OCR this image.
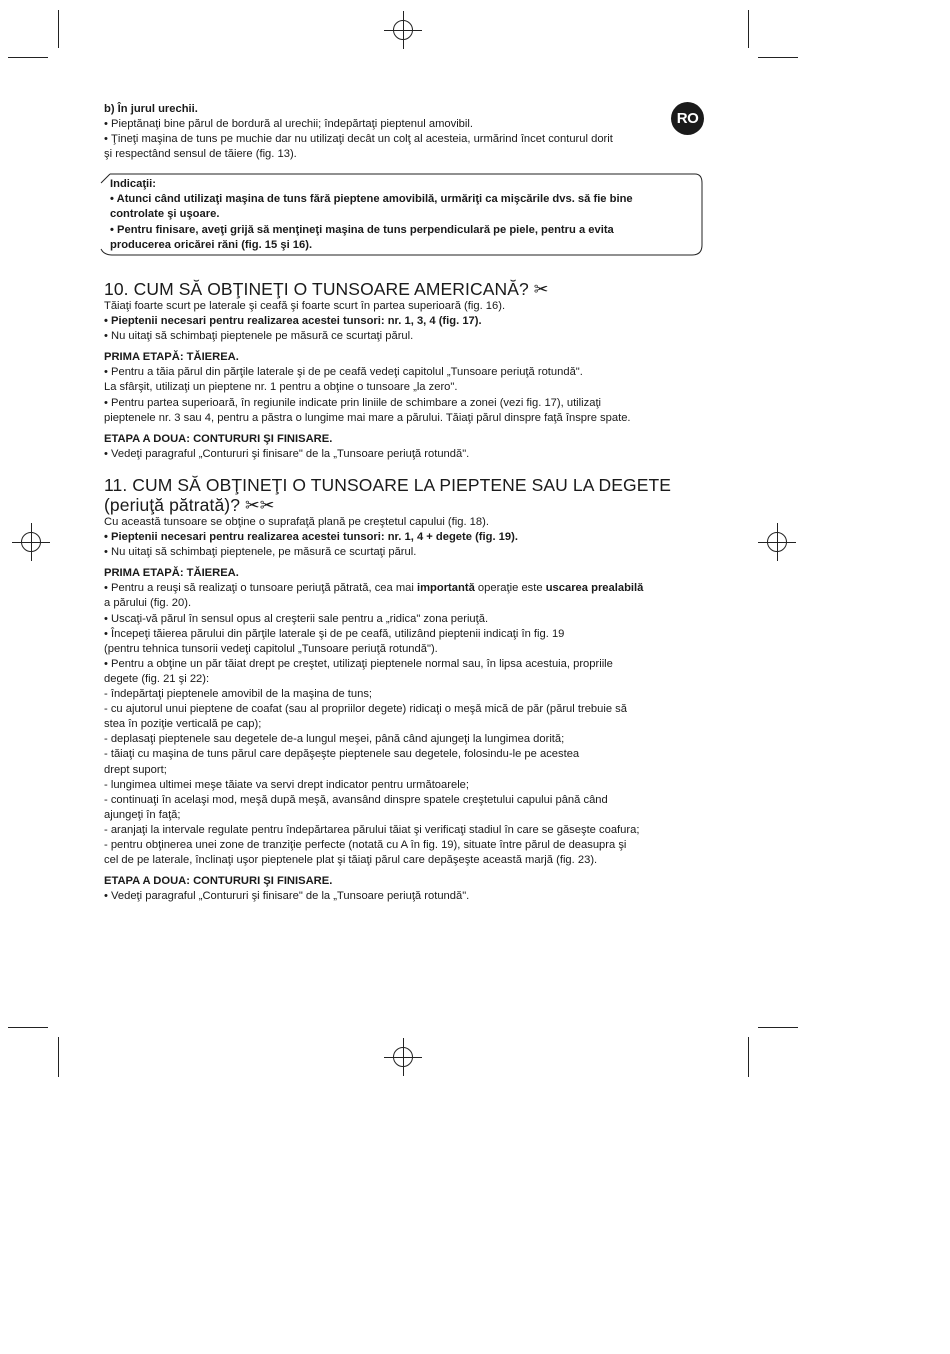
RO
b) În jurul urechii.
• Pieptănaţi bine părul de bordură al urechii; îndepărtaţi pieptenul amovibil.
• Ţineţi maşina de tuns pe muchie dar nu utilizaţi decât un colţ al acesteia, urmărind încet conturul dorit
şi respectând sensul de tăiere (fig. 13).
Indicaţii:
• Atunci când utilizaţi maşina de tuns fără pieptene amovibilă, urmăriţi ca mişcările dvs. să fie bine
controlate şi uşoare.
• Pentru finisare, aveţi grijă să menţineţi maşina de tuns perpendiculară pe piele, pentru a evita
producerea oricărei răni (fig. 15 şi 16).
10. CUM SĂ OBŢINEŢI O TUNSOARE AMERICANĂ? ✂
Tăiaţi foarte scurt pe laterale şi ceafă şi foarte scurt în partea superioară (fig. 16).
• Pieptenii necesari pentru realizarea acestei tunsori: nr. 1, 3, 4 (fig. 17).
• Nu uitaţi să schimbaţi pieptenele pe măsură ce scurtaţi părul.
PRIMA ETAPĂ: TĂIEREA.
• Pentru a tăia părul din părţile laterale şi de pe ceafă vedeţi capitolul „Tunsoare periuţă rotundă".
La sfârşit, utilizaţi un pieptene nr. 1 pentru a obţine o tunsoare „la zero".
• Pentru partea superioară, în regiunile indicate prin liniile de schimbare a zonei (vezi fig. 17), utilizaţi
pieptenele nr. 3 sau 4, pentru a păstra o lungime mai mare a părului. Tăiaţi părul dinspre faţă înspre spate.
ETAPA A DOUA: CONTURURI ŞI FINISARE.
• Vedeţi paragraful „Contururi şi finisare" de la „Tunsoare periuţă rotundă".
11. CUM SĂ OBŢINEŢI O TUNSOARE LA PIEPTENE SAU LA DEGETE
(periuţă pătrată)? ✂✂
Cu această tunsoare se obţine o suprafaţă plană pe creştetul capului (fig. 18).
• Pieptenii necesari pentru realizarea acestei tunsori: nr. 1, 4 + degete (fig. 19).
• Nu uitaţi să schimbaţi pieptenele, pe măsură ce scurtaţi părul.
PRIMA ETAPĂ: TĂIEREA.
• Pentru a reuşi să realizaţi o tunsoare periuţă pătrată, cea mai importantă operaţie este uscarea prealabilă
a părului (fig. 20).
• Uscaţi-vă părul în sensul opus al creşterii sale pentru a „ridica" zona periuţă.
• Începeţi tăierea părului din părţile laterale şi de pe ceafă, utilizând pieptenii indicaţi în fig. 19
(pentru tehnica tunsorii vedeţi capitolul „Tunsoare periuţă rotundă").
• Pentru a obţine un păr tăiat drept pe creştet, utilizaţi pieptenele normal sau, în lipsa acestuia, propriile
degete (fig. 21 şi 22):
- îndepărtaţi pieptenele amovibil de la maşina de tuns;
- cu ajutorul unui pieptene de coafat (sau al propriilor degete) ridicaţi o meşă mică de păr (părul trebuie să
stea în poziţie verticală pe cap);
- deplasaţi pieptenele sau degetele de-a lungul meşei, până când ajungeţi la lungimea dorită;
- tăiaţi cu maşina de tuns părul care depăşeşte pieptenele sau degetele, folosindu-le pe acestea
drept suport;
- lungimea ultimei meşe tăiate va servi drept indicator pentru următoarele;
- continuaţi în acelaşi mod, meşă după meşă, avansând dinspre spatele creştetului capului până când
ajungeţi în faţă;
- aranjaţi la intervale regulate pentru îndepărtarea părului tăiat şi verificaţi stadiul în care se găseşte coafura;
- pentru obţinerea unei zone de tranziţie perfecte (notată cu A în fig. 19), situate între părul de deasupra şi
cel de pe laterale, înclinaţi uşor pieptenele plat şi tăiaţi părul care depăşeşte această marjă (fig. 23).
ETAPA A DOUA: CONTURURI ŞI FINISARE.
• Vedeţi paragraful „Contururi şi finisare" de la „Tunsoare periuţă rotundă".
